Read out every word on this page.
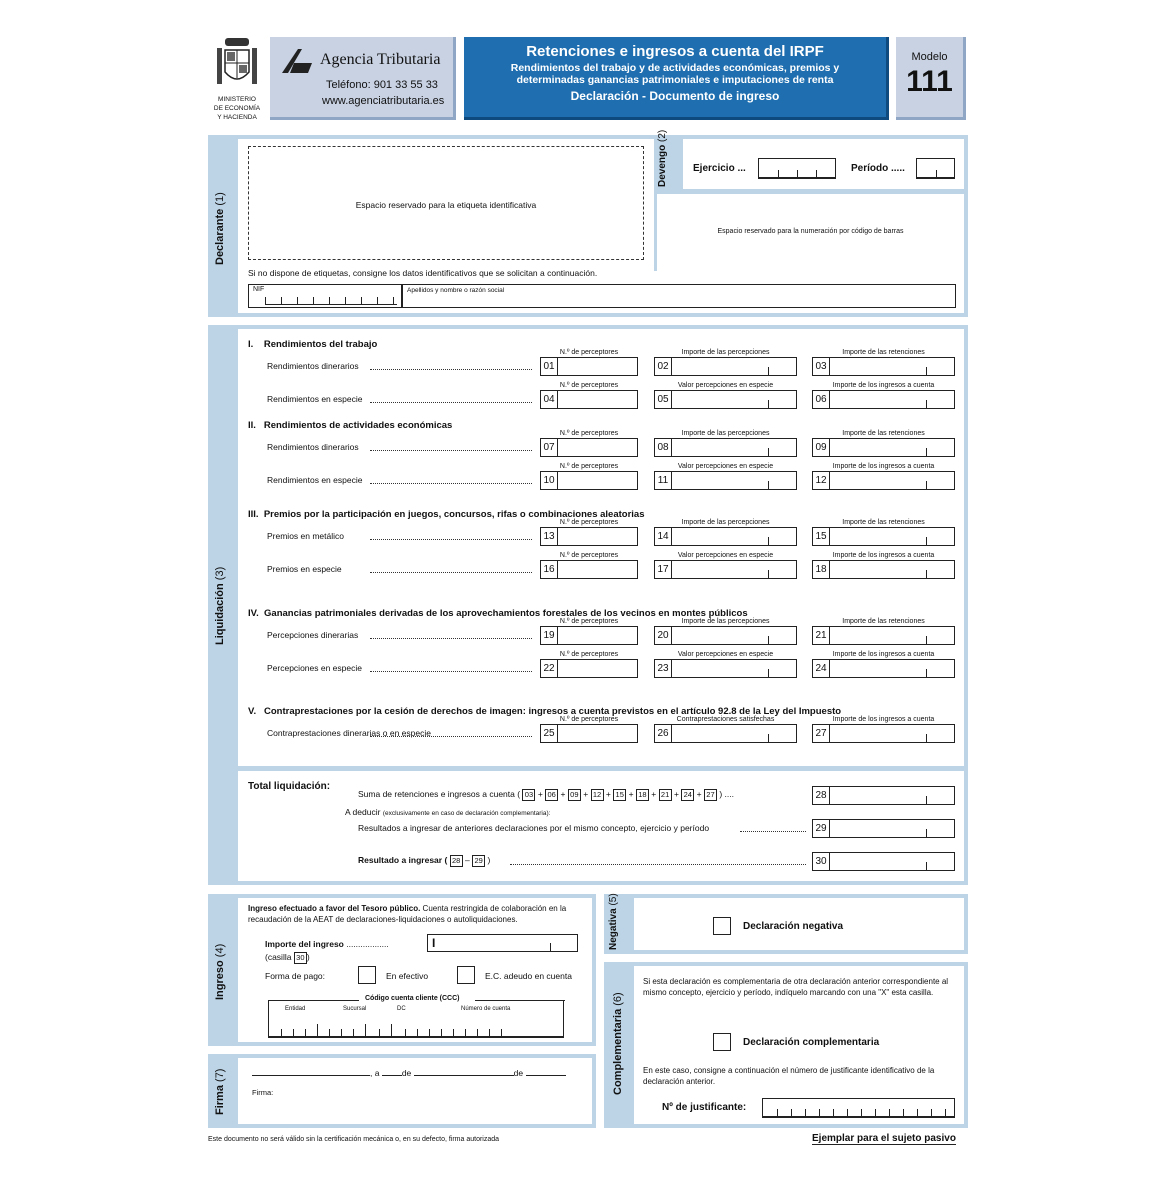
MINISTERIO
DE ECONOMÍA
Y HACIENDA
Agencia Tributaria
Teléfono: 901 33 55 33
www.agenciatributaria.es
Retenciones e ingresos a cuenta del IRPF
Rendimientos del trabajo y de actividades económicas, premios y
determinadas ganancias patrimoniales e imputaciones de renta
Declaración - Documento de ingreso
Modelo
111
Declarante (1)	Espacio reservado para la etiqueta identificativa
Si no dispone de etiquetas, consigne los datos identificativos que se solicitan a continuación.
NIF	Apellidos y nombre o razón social
Devengo (2)
Ejercicio ...	Período .....
Espacio reservado para la numeración por código de barras
Liquidación (3)
I.    Rendimientos del trabajo
N.º de perceptores	Importe de las percepciones	Importe de las retenciones
Rendimientos dinerarios	01	02	03
N.º de perceptores	Valor percepciones en especie	Importe de los ingresos a cuenta
Rendimientos en especie	04	05	06
II.   Rendimientos de actividades económicas
N.º de perceptores	Importe de las percepciones	Importe de las retenciones
Rendimientos dinerarios	07	08	09
N.º de perceptores	Valor percepciones en especie	Importe de los ingresos a cuenta
Rendimientos en especie	10	11	12
III.  Premios por la participación en juegos, concursos, rifas o combinaciones aleatorias
N.º de perceptores	Importe de las percepciones	Importe de las retenciones
Premios en metálico	13	14	15
N.º de perceptores	Valor percepciones en especie	Importe de los ingresos a cuenta
Premios en especie	16	17	18
IV.  Ganancias patrimoniales derivadas de los aprovechamientos forestales de los vecinos en montes públicos
N.º de perceptores	Importe de las percepciones	Importe de las retenciones
Percepciones dinerarias	19	20	21
N.º de perceptores	Valor percepciones en especie	Importe de los ingresos a cuenta
Percepciones en especie	22	23	24
V.   Contraprestaciones por la cesión de derechos de imagen: ingresos a cuenta previstos en el artículo 92.8 de la Ley del Impuesto
N.º de perceptores	Contraprestaciones satisfechas	Importe de los ingresos a cuenta
Contraprestaciones dinerarias o en especie	25	26	27
Total liquidación:
Suma de retenciones e ingresos a cuenta ( 03 + 06 + 09 + 12 + 15 + 18 + 21 + 24 + 27 ) ....	28
A deducir (exclusivamente en caso de declaración complementaria):
Resultados a ingresar de anteriores declaraciones por el mismo concepto, ejercicio y período	29
Resultado a ingresar ( 28 – 29 )	30
Ingreso (4)
Ingreso efectuado a favor del Tesoro público. Cuenta restringida de colaboración en la recaudación de la AEAT de declaraciones-liquidaciones o autoliquidaciones.
Importe del ingreso ..................
(casilla 30 )
I
Forma de pago:	En efectivo	E.C. adeudo en cuenta
Código cuenta cliente (CCC)
Entidad	Sucursal	DC	Número de cuenta
Firma (7)	, a	de	de
Firma:
Negativa (5)
Declaración negativa
Complementaria (6)
Si esta declaración es complementaria de otra declaración anterior correspondiente al mismo concepto, ejercicio y período, indíquelo marcando con una "X" esta casilla.
Declaración complementaria
En este caso, consigne a continuación el número de justificante identificativo de la declaración anterior.
Nº de justificante:
Este documento no será válido sin la certificación mecánica o, en su defecto, firma autorizada	Ejemplar para el sujeto pasivo
